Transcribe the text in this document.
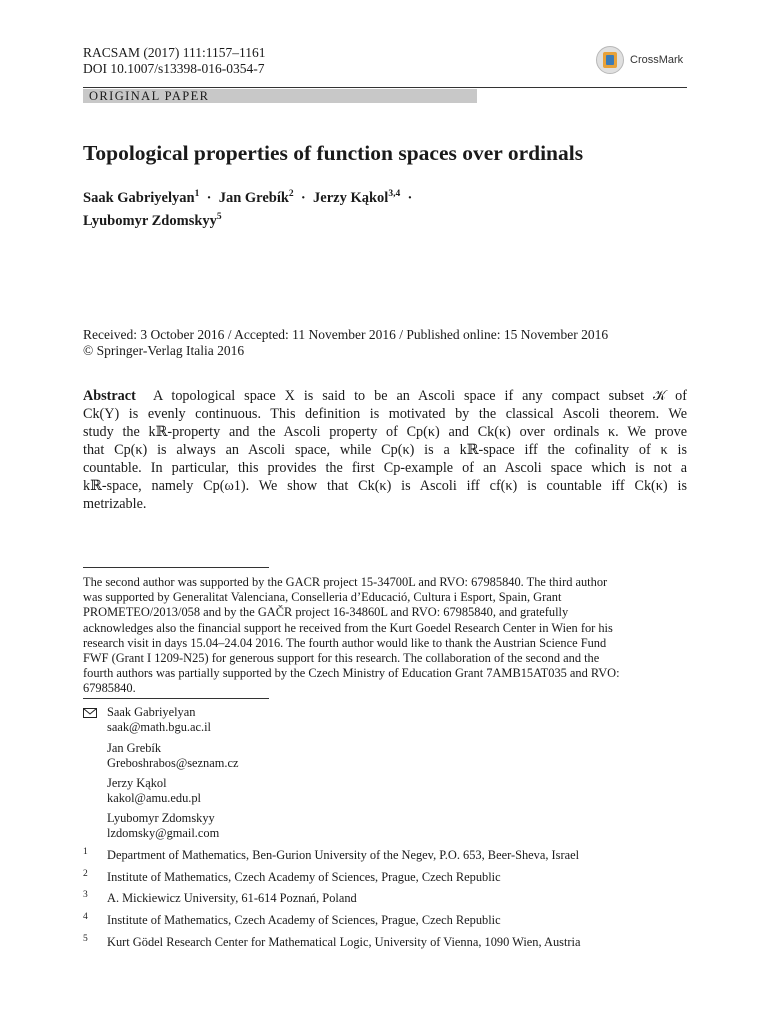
RACSAM (2017) 111:1157–1161
DOI 10.1007/s13398-016-0354-7
CrossMark
ORIGINAL PAPER
Topological properties of function spaces over ordinals
Saak Gabriyelyan$^1$  ·  Jan Grebík$^2$  ·  Jerzy Kąkol$^{3,4}$  ·
Lyubomyr Zdomskyy$^5$
Received: 3 October 2016 / Accepted: 11 November 2016 / Published online: 15 November 2016
© Springer-Verlag Italia 2016
Abstract A topological space X is said to be an Ascoli space if any compact subset 𝒦 of
Ck(Y) is evenly continuous. This definition is motivated by the classical Ascoli theorem. We
study the kℝ-property and the Ascoli property of Cp(κ) and Ck(κ) over ordinals κ. We prove
that Cp(κ) is always an Ascoli space, while Cp(κ) is a kℝ-space iff the cofinality of κ is
countable. In particular, this provides the first Cp-example of an Ascoli space which is not a
kℝ-space, namely Cp(ω1). We show that Ck(κ) is Ascoli iff cf(κ) is countable iff Ck(κ) is
metrizable.
The second author was supported by the GACR project 15-34700L and RVO: 67985840. The third author
was supported by Generalitat Valenciana, Conselleria d’Educació, Cultura i Esport, Spain, Grant
PROMETEO/2013/058 and by the GAČR project 16-34860L and RVO: 67985840, and gratefully
acknowledges also the financial support he received from the Kurt Goedel Research Center in Wien for his
research visit in days 15.04–24.04 2016. The fourth author would like to thank the Austrian Science Fund
FWF (Grant I 1209-N25) for generous support for this research. The collaboration of the second and the
fourth authors was partially supported by the Czech Ministry of Education Grant 7AMB15AT035 and RVO:
67985840.
Saak Gabriyelyan
saak@math.bgu.ac.il
Jan Grebík
Greboshrabos@seznam.cz
Jerzy Kąkol
kakol@amu.edu.pl
Lyubomyr Zdomskyy
lzdomsky@gmail.com
1 Department of Mathematics, Ben-Gurion University of the Negev, P.O. 653, Beer-Sheva, Israel
2 Institute of Mathematics, Czech Academy of Sciences, Prague, Czech Republic
3 A. Mickiewicz University, 61-614 Poznań, Poland
4 Institute of Mathematics, Czech Academy of Sciences, Prague, Czech Republic
5 Kurt Gödel Research Center for Mathematical Logic, University of Vienna, 1090 Wien, Austria
